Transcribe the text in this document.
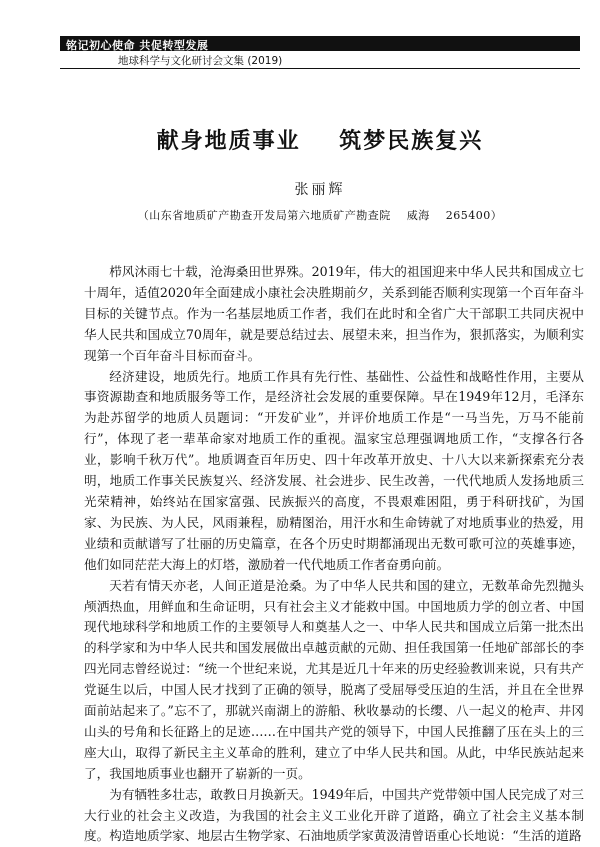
铭记初心使命 共促转型发展
地球科学与文化研讨会文集 (2019)
献身地质事业    筑梦民族复兴
张丽辉
（山东省地质矿产勘查开发局第六地质矿产勘查院    威海    265400）

栉风沐雨七十载，沧海桑田世界殊。2019年，伟大的祖国迎来中华人民共和国成立七十周年，适值2020年全面建成小康社会决胜期前夕，关系到能否顺利实现第一个百年奋斗目标的关键节点。作为一名基层地质工作者，我们在此时和全省广大干部职工共同庆祝中华人民共和国成立70周年，就是要总结过去、展望未来，担当作为，狠抓落实，为顺利实现第一个百年奋斗目标而奋斗。

经济建设，地质先行。地质工作具有先行性、基础性、公益性和战略性作用，主要从事资源勘查和地质服务等工作，是经济社会发展的重要保障。早在1949年12月，毛泽东为赴苏留学的地质人员题词：“开发矿业”，并评价地质工作是“一马当先，万马不能前行”，体现了老一辈革命家对地质工作的重视。温家宝总理强调地质工作，“支撑各行各业，影响千秋万代”。地质调查百年历史、四十年改革开放史、十八大以来新探索充分表明，地质工作事关民族复兴、经济发展、社会进步、民生改善，一代代地质人发扬地质三光荣精神，始终站在国家富强、民族振兴的高度，不畏艰难困阻，勇于科研找矿，为国家、为民族、为人民，风雨兼程，励精图治，用汗水和生命铸就了对地质事业的热爱，用业绩和贡献谱写了壮丽的历史篇章，在各个历史时期都涌现出无数可歌可泣的英雄事迹，他们如同茫茫大海上的灯塔，激励着一代代地质工作者奋勇向前。

天若有情天亦老，人间正道是沧桑。为了中华人民共和国的建立，无数革命先烈抛头颅洒热血，用鲜血和生命证明，只有社会主义才能救中国。中国地质力学的创立者、中国现代地球科学和地质工作的主要领导人和奠基人之一、中华人民共和国成立后第一批杰出的科学家和为中华人民共和国发展做出卓越贡献的元勋、担任我国第一任地矿部部长的李四光同志曾经说过：“统一个世纪来说，尤其是近几十年来的历史经验教训来说，只有共产党诞生以后，中国人民才找到了正确的领导，脱离了受屈辱受压迫的生活，并且在全世界面前站起来了。”忘不了，那就兴南湖上的游船、秋收暴动的长缨、八一起义的枪声、井冈山头的号角和长征路上的足迹……在中国共产党的领导下，中国人民推翻了压在头上的三座大山，取得了新民主主义革命的胜利，建立了中华人民共和国。从此，中华民族站起来了，我国地质事业也翻开了崭新的一页。

为有牺牲多壮志，敢教日月换新天。1949年后，中国共产党带领中国人民完成了对三大行业的社会主义改造，为我国的社会主义工业化开辟了道路，确立了社会主义基本制度。构造地质学家、地层古生物学家、石油地质学家黄汲清曾语重心长地说：“生活的道路
